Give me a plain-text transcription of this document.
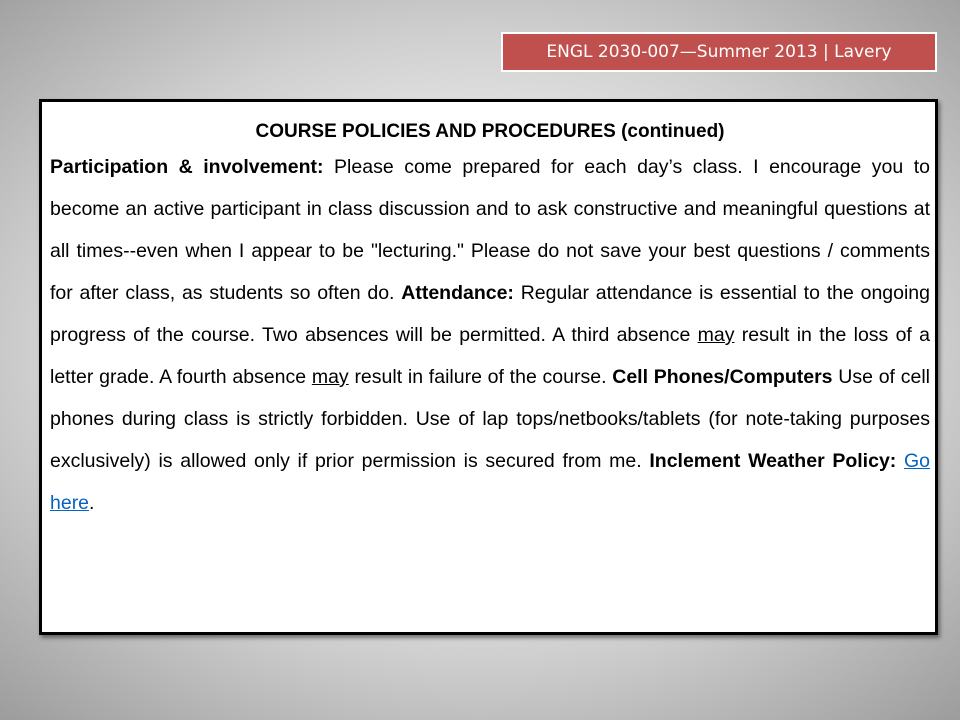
ENGL 2030-007—Summer 2013 | Lavery

COURSE POLICIES AND PROCEDURES (continued)

Participation & involvement: Please come prepared for each day’s class. I encourage you to become an active participant in class discussion and to ask constructive and meaningful questions at all times--even when I appear to be "lecturing." Please do not save your best questions / comments for after class, as students so often do. Attendance: Regular attendance is essential to the ongoing progress of the course. Two absences will be permitted. A third absence may result in the loss of a letter grade. A fourth absence may result in failure of the course. Cell Phones/Computers Use of cell phones during class is strictly forbidden. Use of lap tops/netbooks/tablets (for note-taking purposes exclusively) is allowed only if prior permission is secured from me. Inclement Weather Policy: Go here.
